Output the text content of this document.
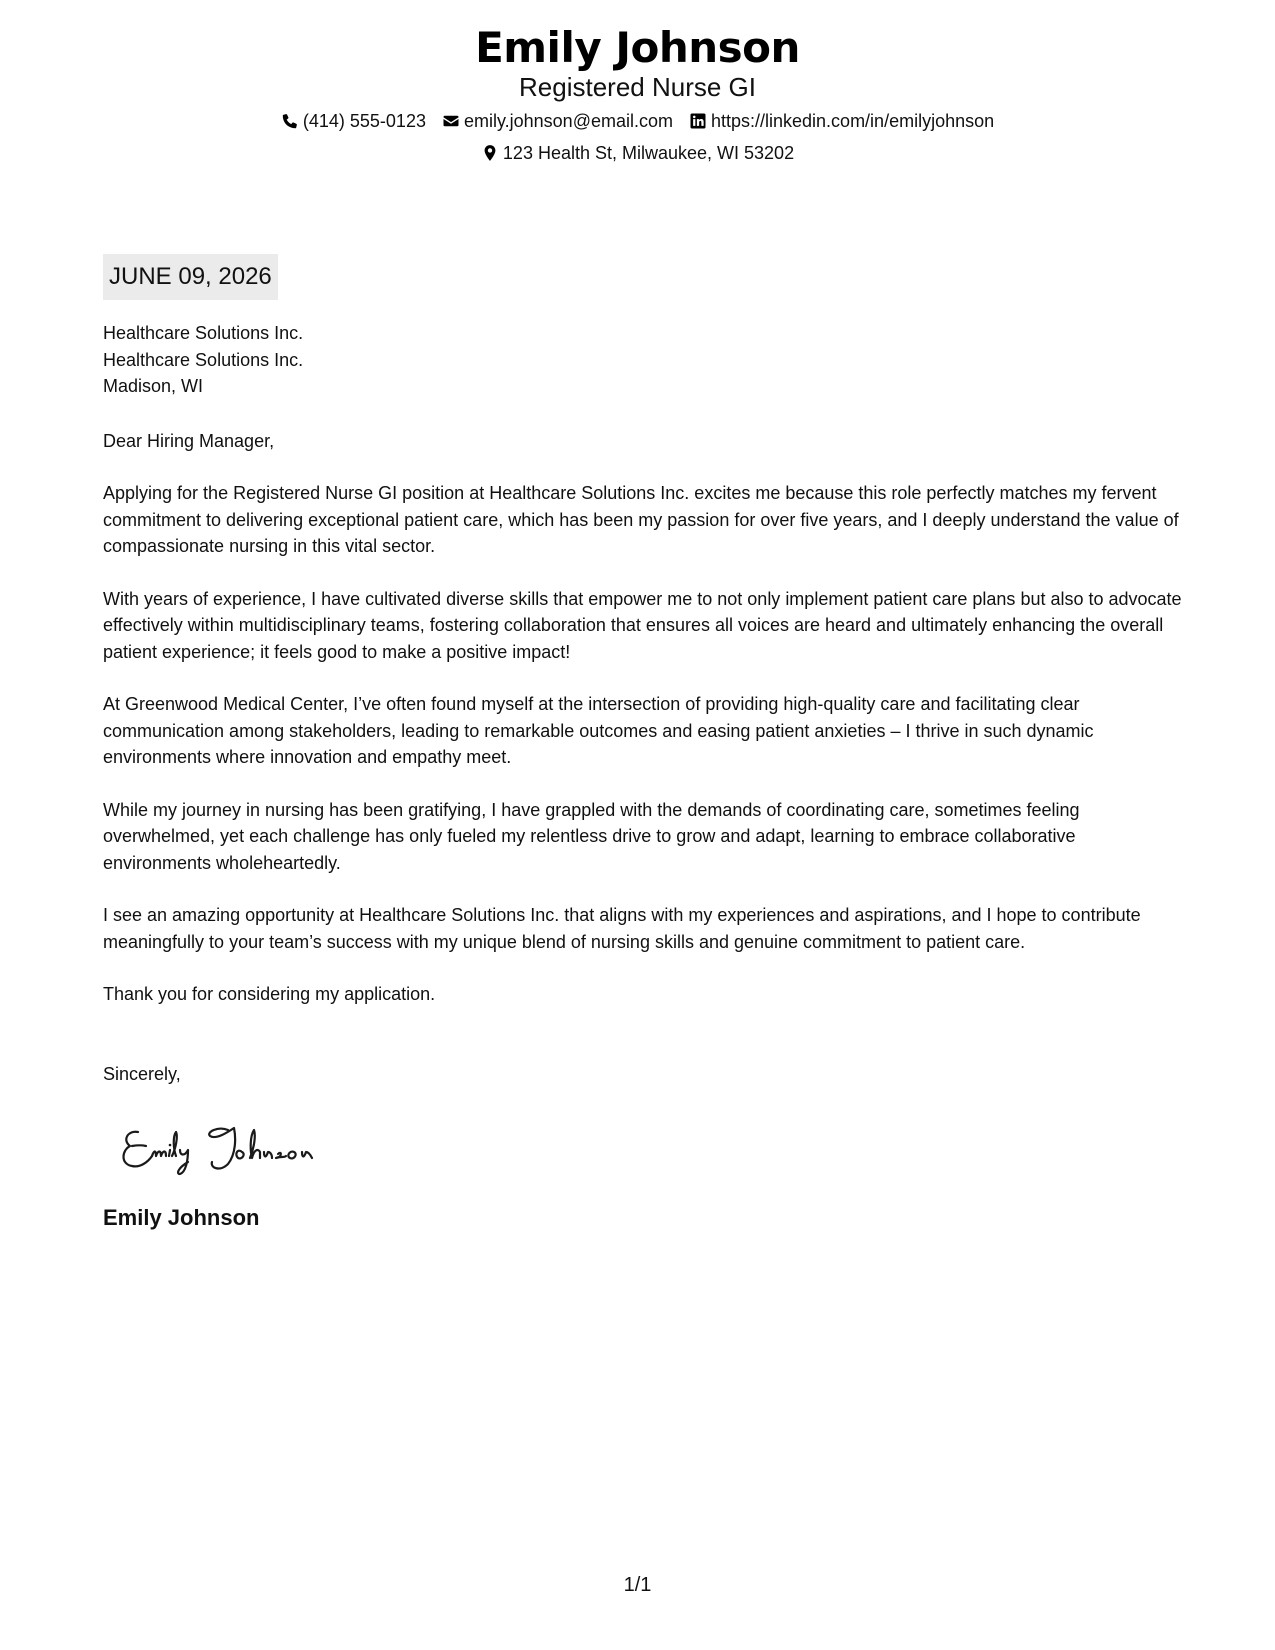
Emily Johnson
Registered Nurse GI
(414) 555-0123 emily.johnson@email.com https://linkedin.com/in/emilyjohnson
123 Health St, Milwaukee, WI 53202
JUNE 09, 2026
Healthcare Solutions Inc.
Healthcare Solutions Inc.
Madison, WI
Dear Hiring Manager,
Applying for the Registered Nurse GI position at Healthcare Solutions Inc. excites me because this role perfectly matches my fervent commitment to delivering exceptional patient care, which has been my passion for over five years, and I deeply understand the value of compassionate nursing in this vital sector.
With years of experience, I have cultivated diverse skills that empower me to not only implement patient care plans but also to advocate effectively within multidisciplinary teams, fostering collaboration that ensures all voices are heard and ultimately enhancing the overall patient experience; it feels good to make a positive impact!
At Greenwood Medical Center, I’ve often found myself at the intersection of providing high-quality care and facilitating clear communication among stakeholders, leading to remarkable outcomes and easing patient anxieties – I thrive in such dynamic environments where innovation and empathy meet.
While my journey in nursing has been gratifying, I have grappled with the demands of coordinating care, sometimes feeling overwhelmed, yet each challenge has only fueled my relentless drive to grow and adapt, learning to embrace collaborative environments wholeheartedly.
I see an amazing opportunity at Healthcare Solutions Inc. that aligns with my experiences and aspirations, and I hope to contribute meaningfully to your team’s success with my unique blend of nursing skills and genuine commitment to patient care.
Thank you for considering my application.
Sincerely,
Emily Johnson
1/1
